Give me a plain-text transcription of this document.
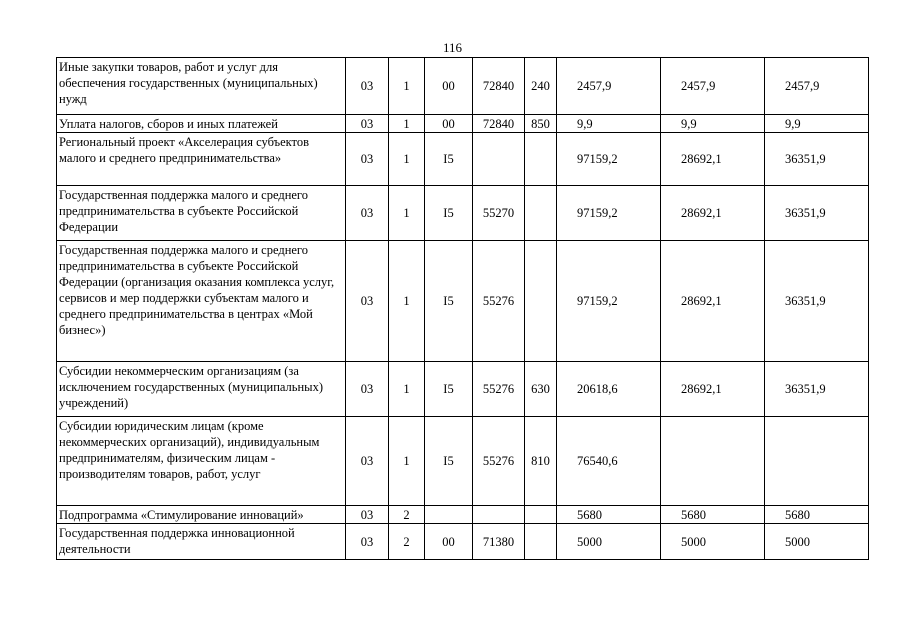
116
Иные закупки товаров, работ и услуг для обеспечения государственных (муниципальных) нужд	03	1	00	72840	240	2457,9	2457,9	2457,9
Уплата налогов, сборов и иных платежей	03	1	00	72840	850	9,9	9,9	9,9
Региональный проект «Акселерация субъектов малого и среднего предпринимательства»	03	1	I5			97159,2	28692,1	36351,9
Государственная поддержка малого и среднего предпринимательства в субъекте Российской Федерации	03	1	I5	55270		97159,2	28692,1	36351,9
Государственная поддержка малого и среднего предпринимательства в субъекте Российской Федерации (организация оказания комплекса услуг, сервисов и мер поддержки субъектам малого и среднего предпринимательства в центрах «Мой бизнес»)	03	1	I5	55276		97159,2	28692,1	36351,9
Субсидии некоммерческим организациям (за исключением государственных (муниципальных) учреждений)	03	1	I5	55276	630	20618,6	28692,1	36351,9
Субсидии юридическим лицам (кроме некоммерческих организаций), индивидуальным предпринимателям, физическим лицам - производителям товаров, работ, услуг	03	1	I5	55276	810	76540,6		
Подпрограмма «Стимулирование инноваций»	03	2				5680	5680	5680
Государственная поддержка инновационной деятельности	03	2	00	71380		5000	5000	5000
